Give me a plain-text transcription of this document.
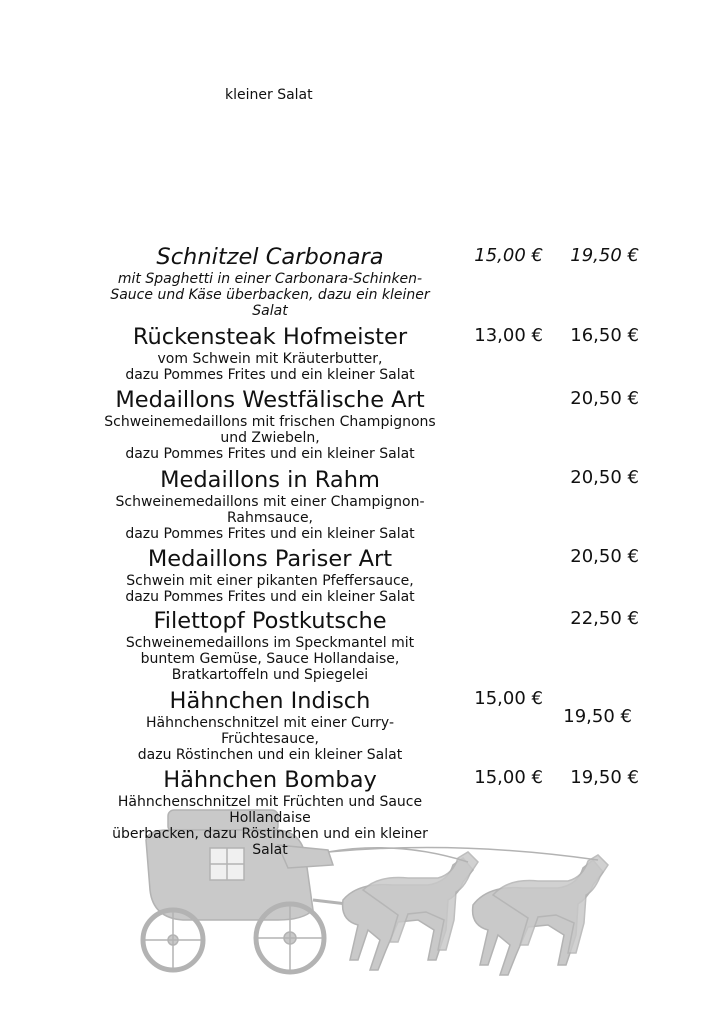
kleiner Salat
Schnitzel Carbonara
mit Spaghetti in einer Carbonara-Schinken-
Sauce und Käse überbacken, dazu ein kleiner
Salat
15,00 € 19,50 €
Rückensteak Hofmeister
vom Schwein mit Kräuterbutter,
dazu Pommes Frites und ein kleiner Salat
13,00 € 16,50 €
Medaillons Westfälische Art
Schweinemedaillons mit frischen Champignons
und Zwiebeln,
dazu Pommes Frites und ein kleiner Salat
20,50 €
Medaillons in Rahm
Schweinemedaillons mit einer Champignon-
Rahmsauce,
dazu Pommes Frites und ein kleiner Salat
20,50 €
Medaillons Pariser Art
Schwein mit einer pikanten Pfeffersauce,
dazu Pommes Frites und ein kleiner Salat
20,50 €
Filettopf Postkutsche
Schweinemedaillons im Speckmantel mit
buntem Gemüse, Sauce Hollandaise,
Bratkartoffeln und Spiegelei
22,50 €
Hähnchen Indisch
Hähnchenschnitzel mit einer Curry-
Früchtesauce,
dazu Röstinchen und ein kleiner Salat
15,00 €
19,50 €
Hähnchen Bombay
Hähnchenschnitzel mit Früchten und Sauce
Hollandaise
überbacken, dazu Röstinchen und ein kleiner
Salat
15,00 € 19,50 €
